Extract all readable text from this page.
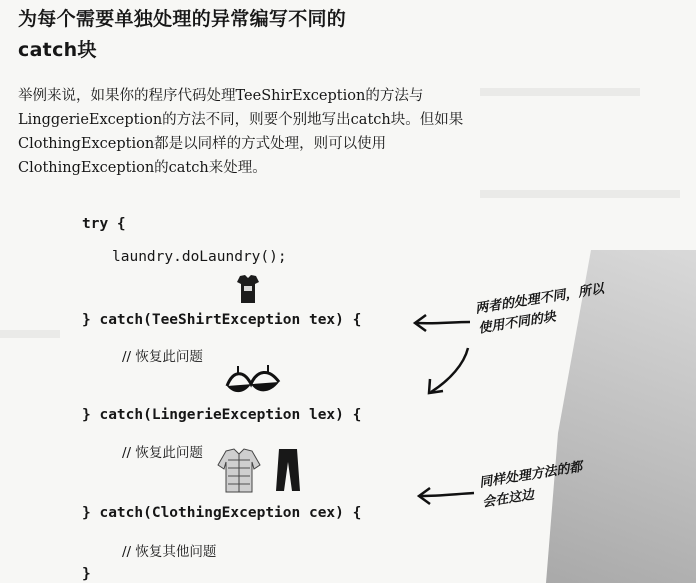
为每个需要单独处理的异常编写不同的
catch块
举例来说，如果你的程序代码处理TeeShirException的方法与LinggerieException的方法不同，则要个别地写出catch块。但如果ClothingException都是以同样的方式处理，则可以使用ClothingException的catch来处理。
try {
laundry.doLaundry();
} catch(TeeShirtException tex) {
// 恢复此问题
} catch(LingerieException lex) {
// 恢复此问题
} catch(ClothingException cex) {
// 恢复其他问题
}
两者的处理不同，所以
使用不同的块
同样处理方法的都
会在这边
